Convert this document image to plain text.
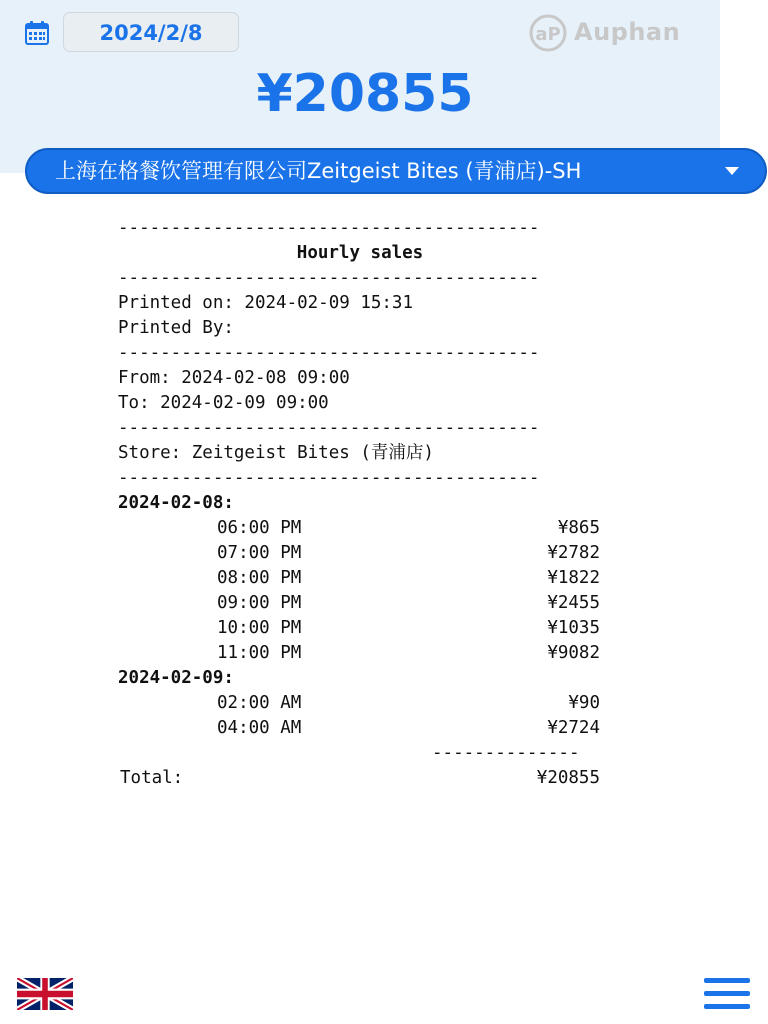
2024/2/8	aP Auphan
¥20855
上海在格餐饮管理有限公司Zeitgeist Bites (青浦店)-SH
----------------------------------------
Hourly sales
----------------------------------------
Printed on: 2024-02-09 15:31
Printed By:
----------------------------------------
From: 2024-02-08 09:00
To: 2024-02-09 09:00
----------------------------------------
Store: Zeitgeist Bites (青浦店)
----------------------------------------
2024-02-08:
06:00 PM	¥865
07:00 PM	¥2782
08:00 PM	¥1822
09:00 PM	¥2455
10:00 PM	¥1035
11:00 PM	¥9082
2024-02-09:
02:00 AM	¥90
04:00 AM	¥2724
--------------
Total:	¥20855
